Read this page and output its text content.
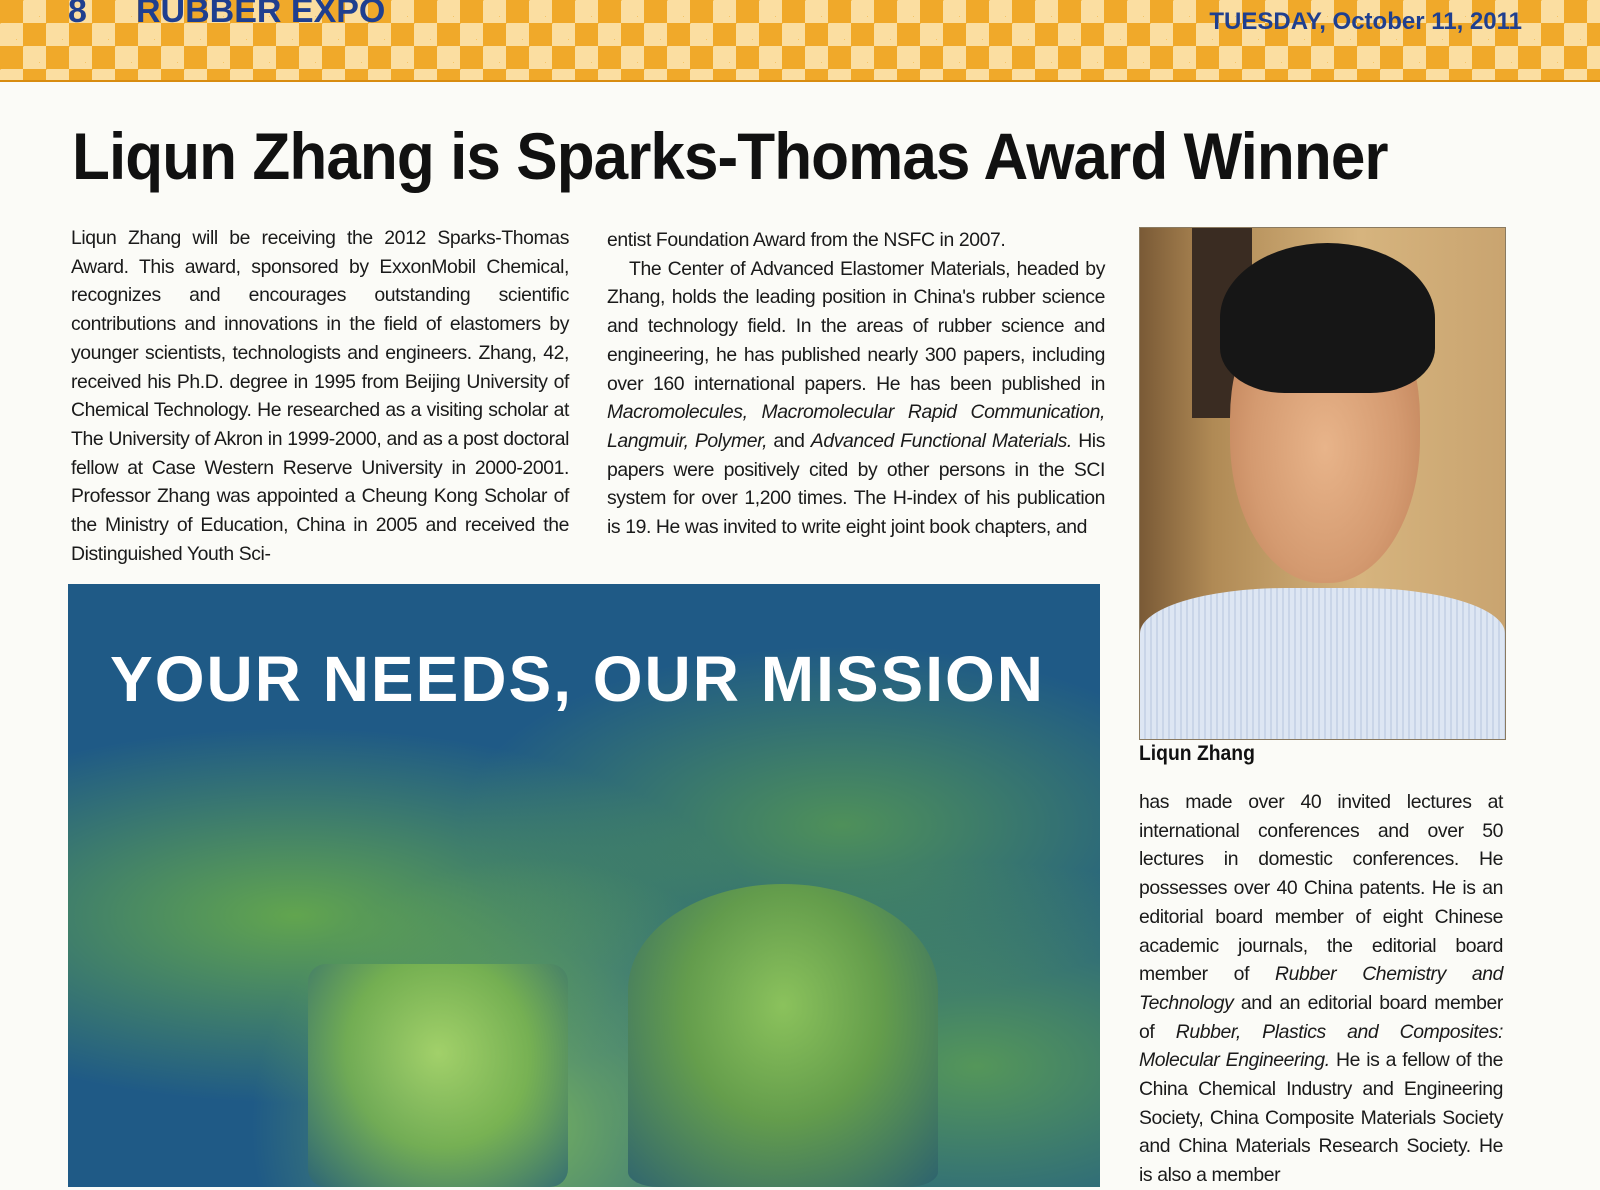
8 RUBBER EXPO	TUESDAY, October 11, 2011
Liqun Zhang is Sparks-Thomas Award Winner

Liqun Zhang will be receiving the 2012 Sparks-Thomas Award. This award, sponsored by ExxonMobil Chemical, recognizes and encourages outstanding scientific contributions and innovations in the field of elastomers by younger scientists, technologists and engineers. Zhang, 42, received his Ph.D. degree in 1995 from Beijing University of Chemical Technology. He researched as a visiting scholar at The University of Akron in 1999-2000, and as a post doctoral fellow at Case Western Reserve University in 2000-2001. Professor Zhang was appointed a Cheung Kong Scholar of the Ministry of Education, China in 2005 and received the Distinguished Youth Sci-

entist Foundation Award from the NSFC in 2007.

The Center of Advanced Elastomer Materials, headed by Zhang, holds the leading position in China's rubber science and technology field. In the areas of rubber science and engineering, he has published nearly 300 papers, including over 160 international papers. He has been published in Macromolecules, Macromolecular Rapid Communication, Langmuir, Polymer, and Advanced Functional Materials. His papers were positively cited by other persons in the SCI system for over 1,200 times. The H-index of his publication is 19. He was invited to write eight joint book chapters, and

Liqun Zhang

has made over 40 invited lectures at international conferences and over 50 lectures in domestic conferences. He possesses over 40 China patents. He is an editorial board member of eight Chinese academic journals, the editorial board member of Rubber Chemistry and Technology and an editorial board member of Rubber, Plastics and Composites: Molecular Engineering. He is a fellow of the China Chemical Industry and Engineering Society, China Composite Materials Society and China Materials Research Society. He is also a member

YOUR NEEDS, OUR MISSION
